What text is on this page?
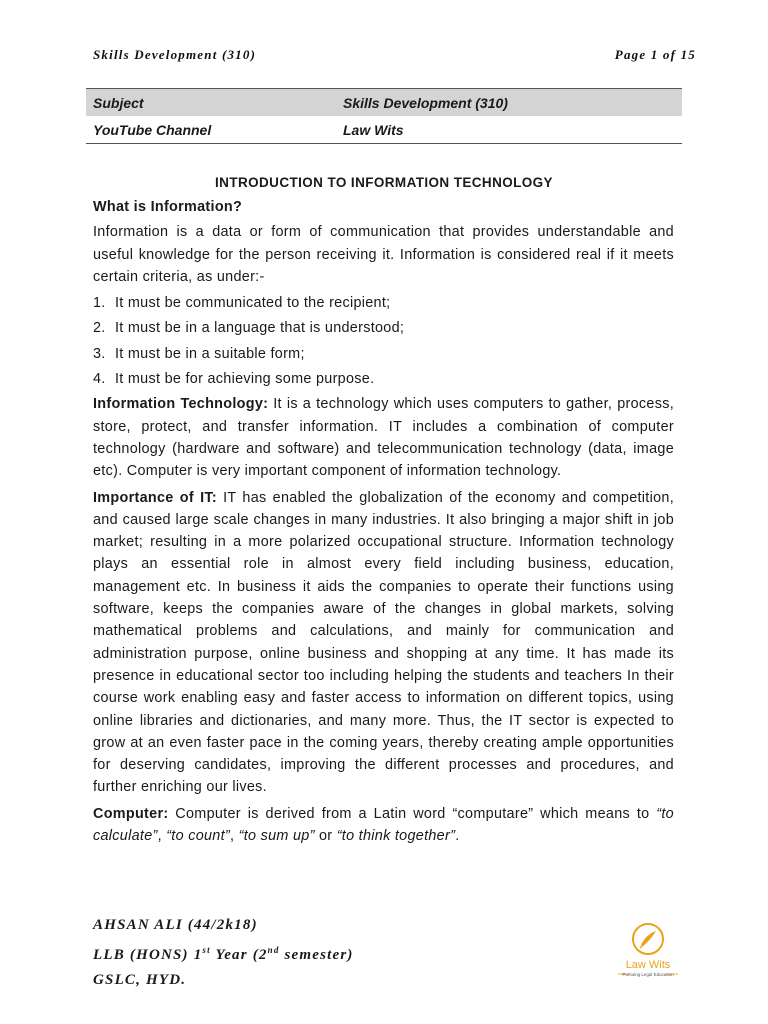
Skills Development (310)	Page 1 of 15
Subject	Skills Development (310)
YouTube Channel	Law Wits
INTRODUCTION TO INFORMATION TECHNOLOGY
What is Information?

Information is a data or form of communication that provides understandable and useful knowledge for the person receiving it. Information is considered real if it meets certain criteria, as under:-

1. It must be communicated to the recipient;
2. It must be in a language that is understood;
3. It must be in a suitable form;
4. It must be for achieving some purpose.

Information Technology: It is a technology which uses computers to gather, process, store, protect, and transfer information. IT includes a combination of computer technology (hardware and software) and telecommunication technology (data, image etc). Computer is very important component of information technology.

Importance of IT: IT has enabled the globalization of the economy and competition, and caused large scale changes in many industries. It also bringing a major shift in job market; resulting in a more polarized occupational structure. Information technology plays an essential role in almost every field including business, education, management etc. In business it aids the companies to operate their functions using software, keeps the companies aware of the changes in global markets, solving mathematical problems and calculations, and mainly for communication and administration purpose, online business and shopping at any time. It has made its presence in educational sector too including helping the students and teachers In their course work enabling easy and faster access to information on different topics, using online libraries and dictionaries, and many more. Thus, the IT sector is expected to grow at an even faster pace in the coming years, thereby creating ample opportunities for deserving candidates, improving the different processes and procedures, and further enriching our lives.

Computer: Computer is derived from a Latin word “computare” which means to “to calculate”, “to count”, “to sum up” or “to think together”.

AHSAN ALI (44/2k18)
LLB (HONS) 1st Year (2nd semester)
GSLC, HYD.
Law Wits
Pursuing Legal Education
